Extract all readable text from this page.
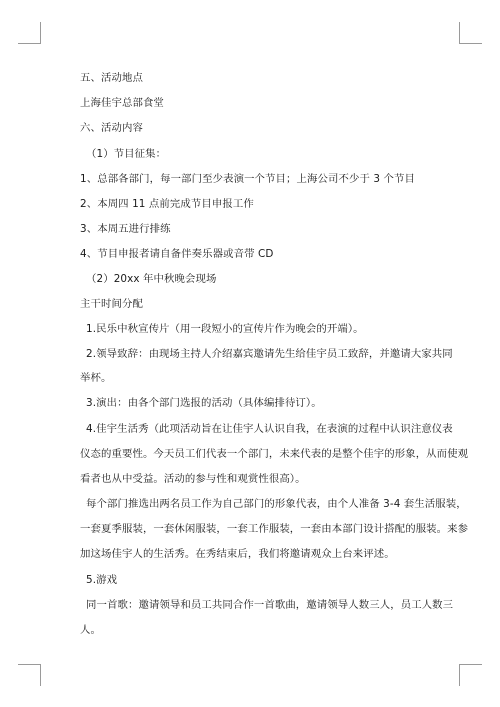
五、活动地点
上海佳宇总部食堂
六、活动内容
（1）节目征集：
1、总部各部门，每一部门至少表演一个节目；上海公司不少于 3 个节目
2、本周四 11 点前完成节目申报工作
3、本周五进行排练
4、节目申报者请自备伴奏乐器或音带 CD
（2）20xx 年中秋晚会现场
主干时间分配
1.民乐中秋宣传片（用一段短小的宣传片作为晚会的开端）。
2.领导致辞：由现场主持人介绍嘉宾邀请先生给佳宇员工致辞，并邀请大家共同
举杯。
3.演出：由各个部门选报的活动（具体编排待订）。
4.佳宇生活秀（此项活动旨在让佳宇人认识自我，在表演的过程中认识注意仪表
仪态的重要性。今天员工们代表一个部门，未来代表的是整个佳宇的形象，从而使观
看者也从中受益。活动的参与性和观赏性很高）。
每个部门推选出两名员工作为自己部门的形象代表，由个人准备 3-4 套生活服装，
一套夏季服装，一套休闲服装，一套工作服装，一套由本部门设计搭配的服装。来参
加这场佳宇人的生活秀。在秀结束后，我们将邀请观众上台来评述。
5.游戏
同一首歌：邀请领导和员工共同合作一首歌曲，邀请领导人数三人，员工人数三
人。
